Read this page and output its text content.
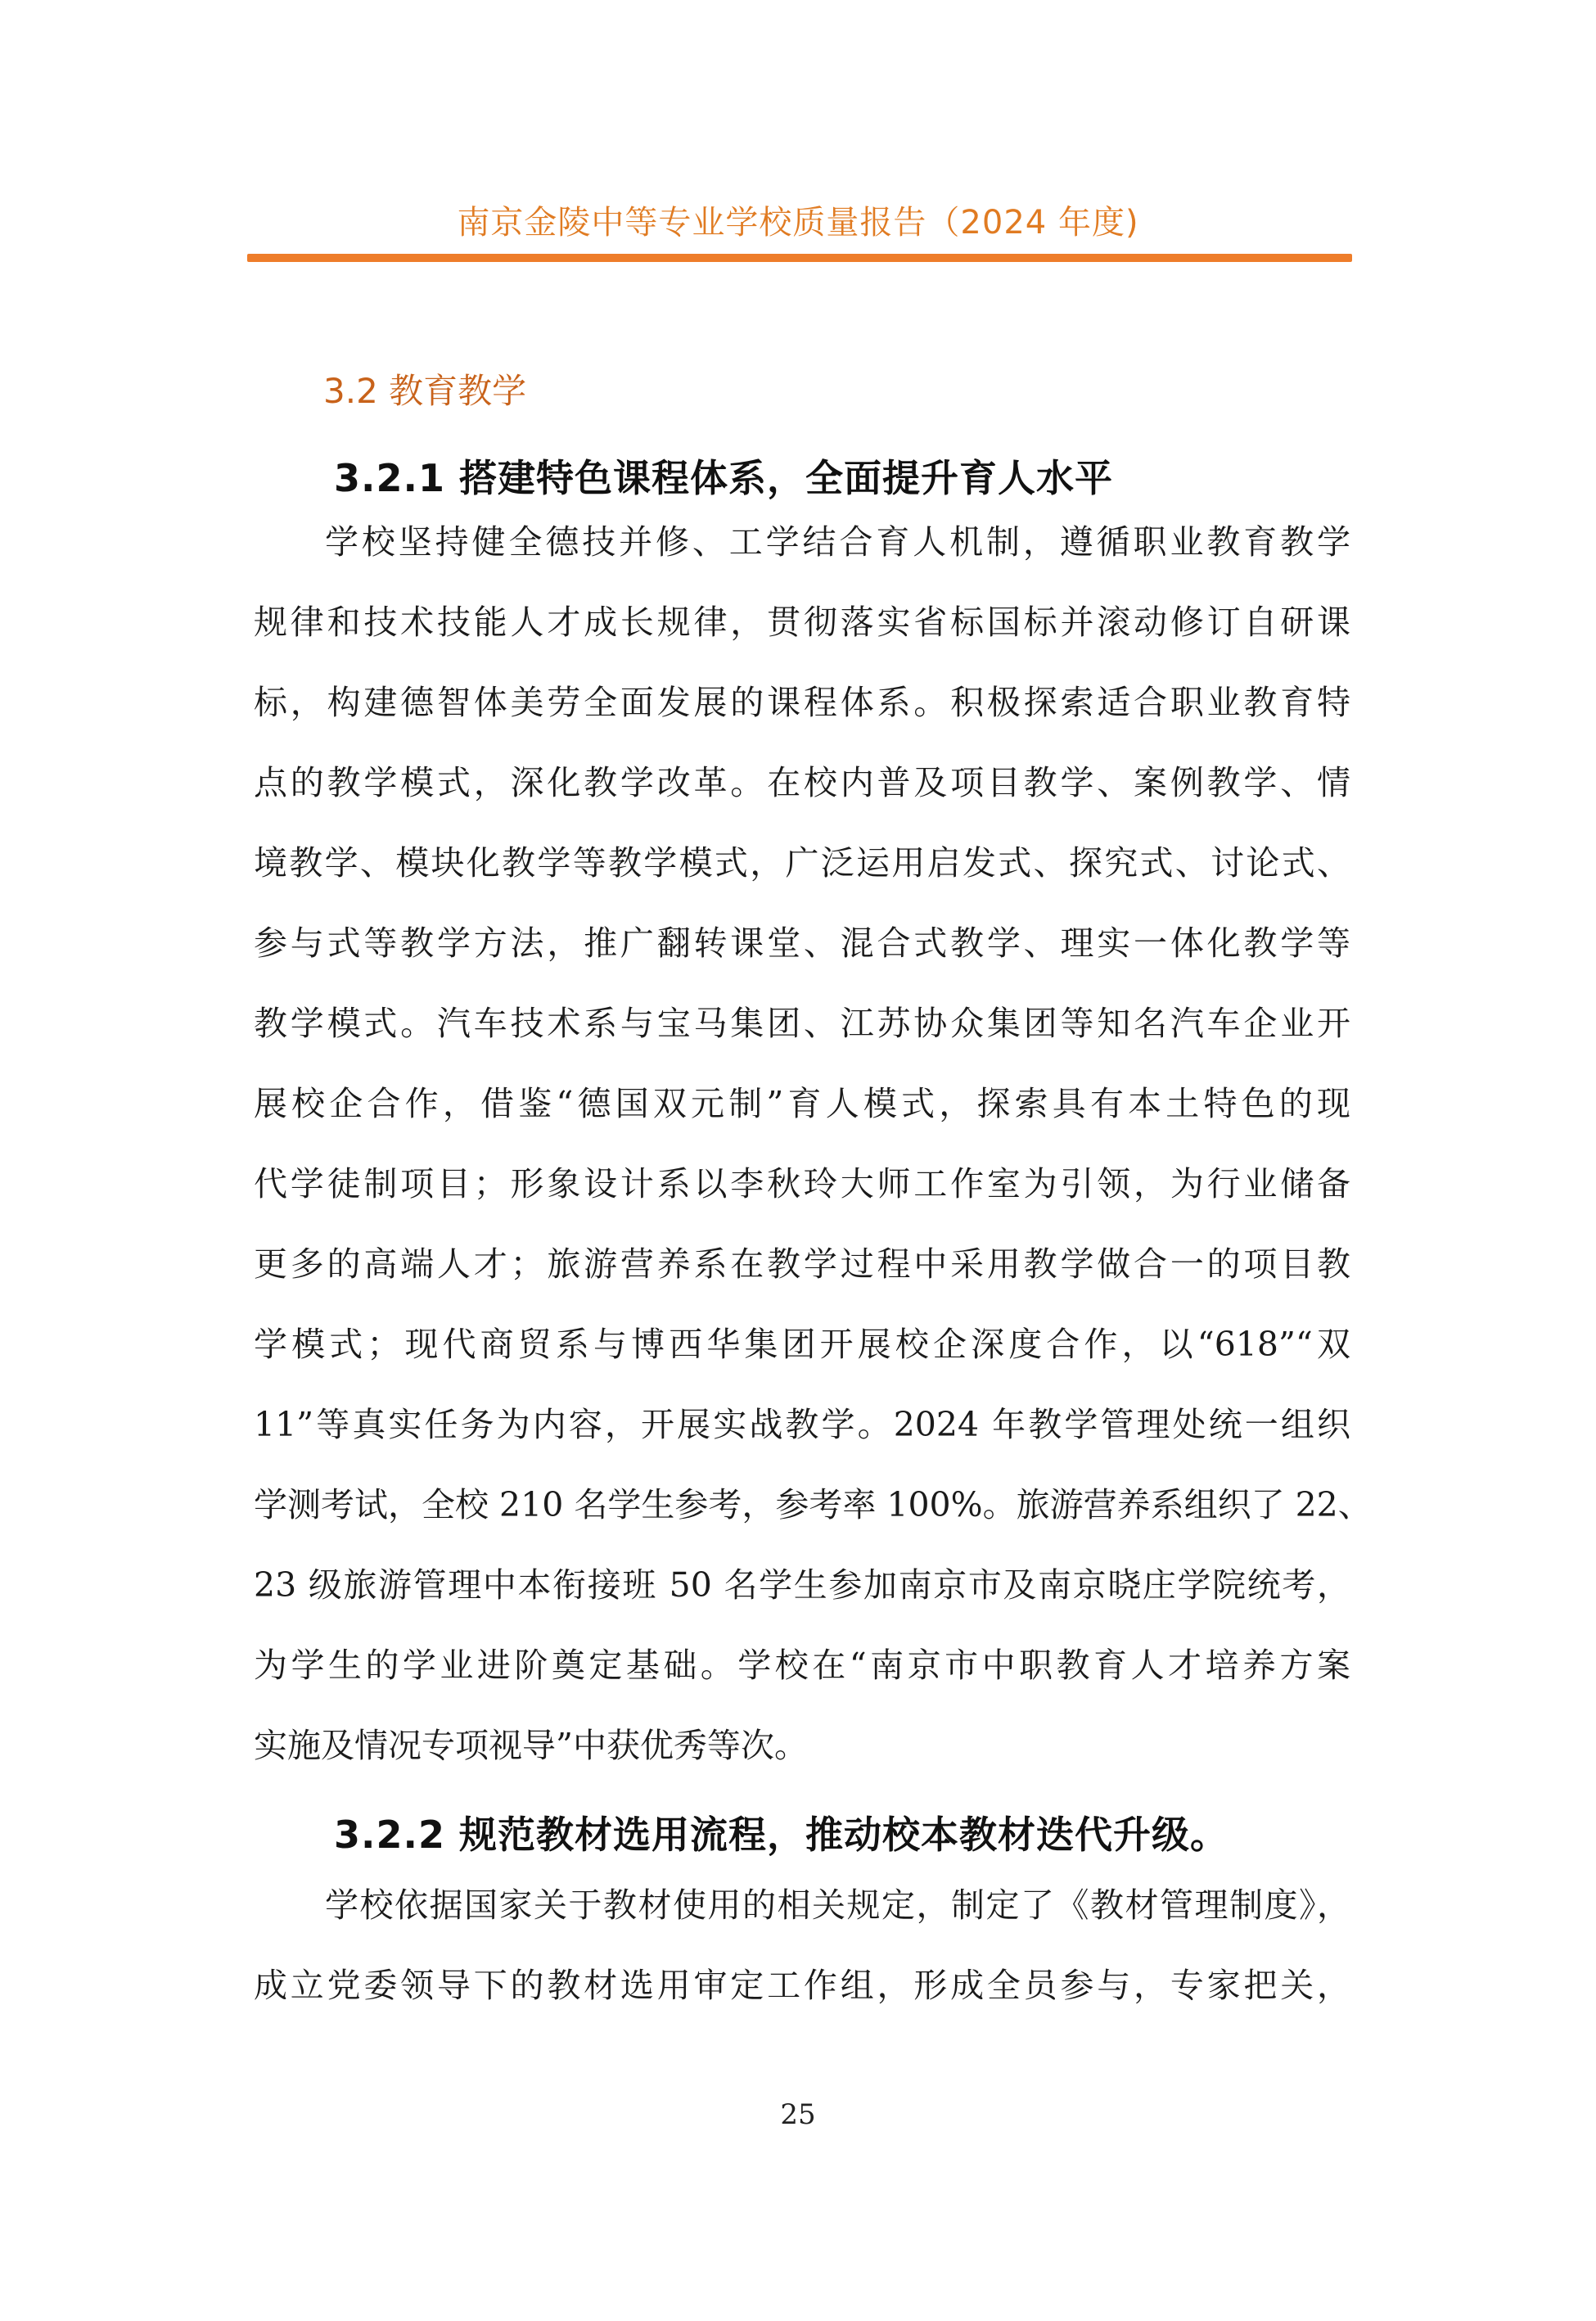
南京金陵中等专业学校质量报告（2024 年度)
3.2 教育教学
3.2.1 搭建特色课程体系，全面提升育人水平
学校坚持健全德技并修、工学结合育人机制，遵循职业教育教学
规律和技术技能人才成长规律，贯彻落实省标国标并滚动修订自研课
标，构建德智体美劳全面发展的课程体系。积极探索适合职业教育特
点的教学模式，深化教学改革。在校内普及项目教学、案例教学、情
境教学、模块化教学等教学模式，广泛运用启发式、探究式、讨论式、
参与式等教学方法，推广翻转课堂、混合式教学、理实一体化教学等
教学模式。汽车技术系与宝马集团、江苏协众集团等知名汽车企业开
展校企合作，借鉴“德国双元制”育人模式，探索具有本土特色的现
代学徒制项目；形象设计系以李秋玲大师工作室为引领，为行业储备
更多的高端人才；旅游营养系在教学过程中采用教学做合一的项目教
学模式；现代商贸系与博西华集团开展校企深度合作，以“618”“双
11”等真实任务为内容，开展实战教学。2024 年教学管理处统一组织
学测考试，全校 210 名学生参考，参考率 100%。旅游营养系组织了 22、
23 级旅游管理中本衔接班 50 名学生参加南京市及南京晓庄学院统考，
为学生的学业进阶奠定基础。学校在“南京市中职教育人才培养方案
实施及情况专项视导”中获优秀等次。
3.2.2 规范教材选用流程，推动校本教材迭代升级。
学校依据国家关于教材使用的相关规定，制定了《教材管理制度》，
成立党委领导下的教材选用审定工作组，形成全员参与，专家把关，
25
